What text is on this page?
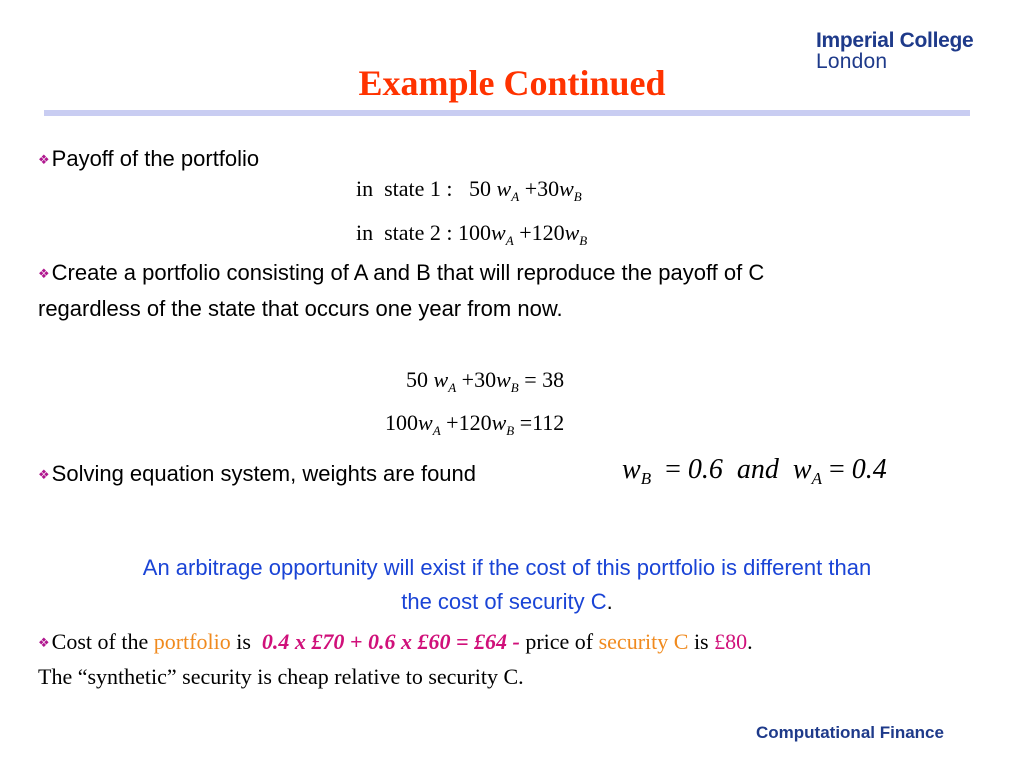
Imperial College
London
Example Continued
❖Payoff of the portfolio

in  state 1 : 50 $w_A +30w_B$

in  state 2 : $100w_A +120w_B$

❖Create a portfolio consisting of A and B that will reproduce the payoff of C
regardless of the state that occurs one year from now.

50 $w_A +30w_B = 38$

$100w_A +120w_B =112$

❖Solving equation system, weights are found	$w_B = 0.6$ and $w_A = 0.4$
An arbitrage opportunity will exist if the cost of this portfolio is different than
the cost of security C.
❖Cost of the portfolio is  0.4 x £70 + 0.6 x £60 = £64 - price of security C is £80.
The “synthetic” security is cheap relative to security C.
Computational Finance
